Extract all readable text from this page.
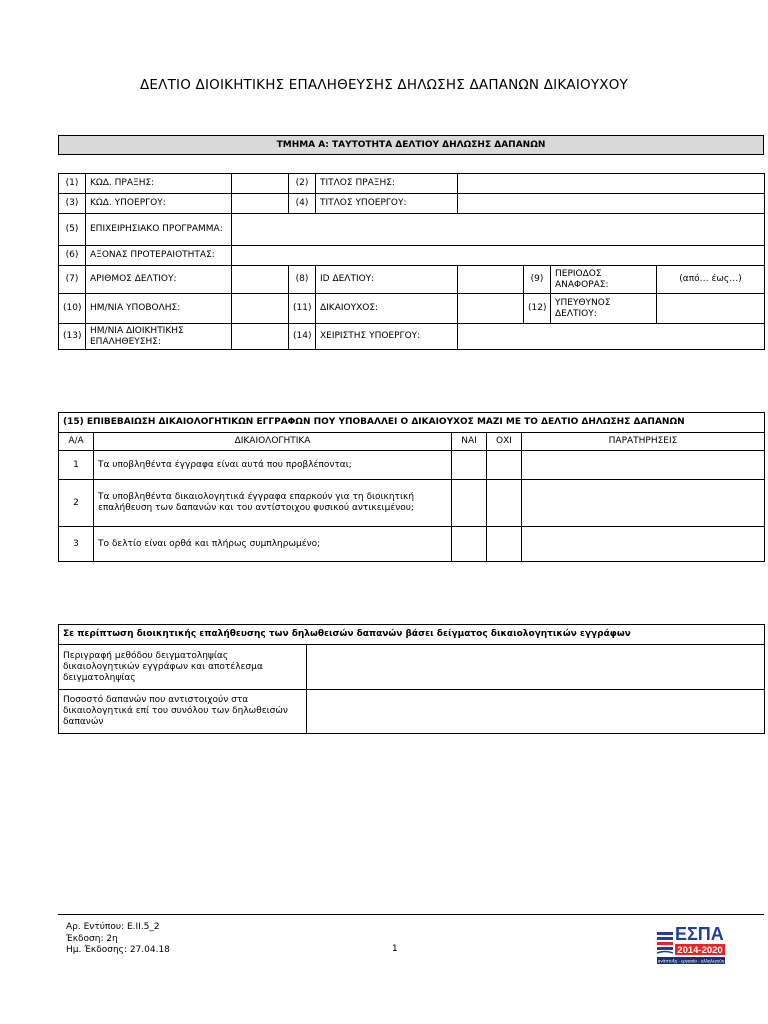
ΔΕΛΤΙΟ ΔΙΟΙΚΗΤΙΚΗΣ ΕΠΑΛΗΘΕΥΣΗΣ ΔΗΛΩΣΗΣ ΔΑΠΑΝΩΝ ΔΙΚΑΙΟΥΧΟΥ
ΤΜΗΜΑ Α: ΤΑΥΤΟΤΗΤΑ ΔΕΛΤΙΟΥ ΔΗΛΩΣΗΣ ΔΑΠΑΝΩΝ
(1)	ΚΩΔ. ΠΡΑΞΗΣ:		(2)	ΤΙΤΛΟΣ ΠΡΑΞΗΣ:				
(3)	ΚΩΔ. ΥΠΟΕΡΓΟΥ:		(4)	ΤΙΤΛΟΣ ΥΠΟΕΡΓΟΥ:				
(5)	ΕΠΙΧΕΙΡΗΣΙΑΚΟ ΠΡΟΓΡΑΜΜΑ:							
(6)	ΑΞΟΝΑΣ ΠΡΟΤΕΡΑΙΟΤΗΤΑΣ:							
(7)	ΑΡΙΘΜΟΣ ΔΕΛΤΙΟΥ:		(8)	ID ΔΕΛΤΙΟΥ:		(9)	ΠΕΡΙΟΔΟΣ ΑΝΑΦΟΡΑΣ:	(από… έως…)
(10)	ΗΜ/ΝΙΑ ΥΠΟΒΟΛΗΣ:		(11)	ΔΙΚΑΙΟΥΧΟΣ:		(12)	ΥΠΕΥΘΥΝΟΣ ΔΕΛΤΙΟΥ:	
(13)	ΗΜ/ΝΙΑ ΔΙΟΙΚΗΤΙΚΗΣ ΕΠΑΛΗΘΕΥΣΗΣ:		(14)	ΧΕΙΡΙΣΤΗΣ ΥΠΟΕΡΓΟΥ:				
(15) ΕΠΙΒΕΒΑΙΩΣΗ ΔΙΚΑΙΟΛΟΓΗΤΙΚΩΝ ΕΓΓΡΑΦΩΝ ΠΟΥ ΥΠΟΒΑΛΛΕΙ Ο ΔΙΚΑΙΟΥΧΟΣ ΜΑΖΙ ΜΕ ΤΟ ΔΕΛΤΙΟ ΔΗΛΩΣΗΣ ΔΑΠΑΝΩΝ				
Α/Α	ΔΙΚΑΙΟΛΟΓΗΤΙΚΑ	ΝΑΙ	ΟΧΙ	ΠΑΡΑΤΗΡΗΣΕΙΣ
1	Τα υποβληθέντα έγγραφα είναι αυτά που προβλέπονται;			
2	Τα υποβληθέντα δικαιολογητικά έγγραφα επαρκούν για τη διοικητική επαλήθευση των δαπανών και του αντίστοιχου φυσικού αντικειμένου;			
3	Το δελτίο είναι ορθά και πλήρως συμπληρωμένο;			
Σε περίπτωση διοικητικής επαλήθευσης των δηλωθεισών δαπανών βάσει δείγματος δικαιολογητικών εγγράφων	
Περιγραφή μεθόδου δειγματοληψίας δικαιολογητικών εγγράφων και αποτέλεσμα δειγματοληψίας	
Ποσοστό δαπανών που αντιστοιχούν στα δικαιολογητικά επί του συνόλου των δηλωθεισών δαπανών	
Αρ. Εντύπου: Ε.ΙΙ.5_2
Έκδοση: 2η
Ημ. Έκδοσης: 27.04.18	1
ΕΣΠΑ
2014-2020
ανάπτυξη - εργασία - αλληλεγγύη
